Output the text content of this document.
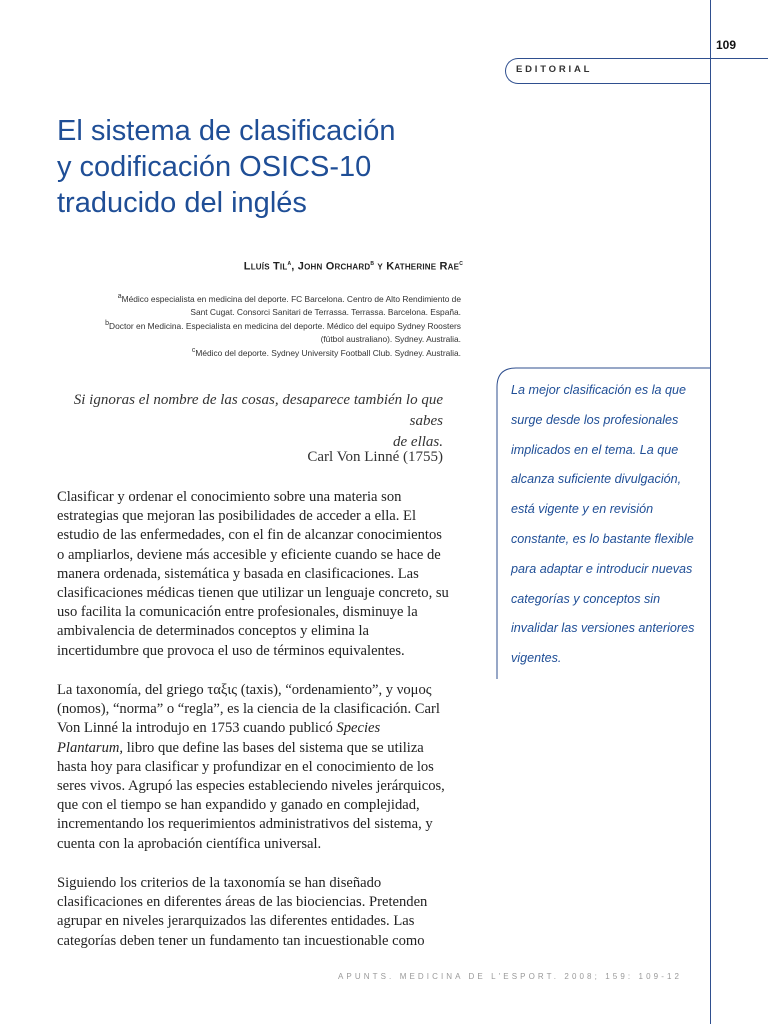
109
EDITORIAL
El sistema de clasificación
y codificación OSICS-10
traducido del inglés
Lluís Til$^a$, John Orchard$^b$ y Katherine Rae$^c$
$^a$Médico especialista en medicina del deporte. FC Barcelona. Centro de Alto Rendimiento de
Sant Cugat. Consorci Sanitari de Terrassa. Terrassa. Barcelona. España.
$^b$Doctor en Medicina. Especialista en medicina del deporte. Médico del equipo Sydney Roosters
(fútbol australiano). Sydney. Australia.
$^c$Médico del deporte. Sydney University Football Club. Sydney. Australia.
Si ignoras el nombre de las cosas, desaparece también lo que sabes
de ellas.
Carl Von Linné (1755)
Clasificar y ordenar el conocimiento sobre una materia son
estrategias que mejoran las posibilidades de acceder a ella. El
estudio de las enfermedades, con el fin de alcanzar conocimientos
o ampliarlos, deviene más accesible y eficiente cuando se hace de
manera ordenada, sistemática y basada en clasificaciones. Las
clasificaciones médicas tienen que utilizar un lenguaje concreto, su
uso facilita la comunicación entre profesionales, disminuye la
ambivalencia de determinados conceptos y elimina la
incertidumbre que provoca el uso de términos equivalentes.
La taxonomía, del griego ταξις (taxis), “ordenamiento”, y νομος
(nomos), “norma” o “regla”, es la ciencia de la clasificación. Carl
Von Linné la introdujo en 1753 cuando publicó Species
Plantarum, libro que define las bases del sistema que se utiliza
hasta hoy para clasificar y profundizar en el conocimiento de los
seres vivos. Agrupó las especies estableciendo niveles jerárquicos,
que con el tiempo se han expandido y ganado en complejidad,
incrementando los requerimientos administrativos del sistema, y
cuenta con la aprobación científica universal.
Siguiendo los criterios de la taxonomía se han diseñado
clasificaciones en diferentes áreas de las biociencias. Pretenden
agrupar en niveles jerarquizados las diferentes entidades. Las
categorías deben tener un fundamento tan incuestionable como
La mejor clasificación es la que
surge desde los profesionales
implicados en el tema. La que
alcanza suficiente divulgación,
está vigente y en revisión
constante, es lo bastante flexible
para adaptar e introducir nuevas
categorías y conceptos sin
invalidar las versiones anteriores
vigentes.
APUNTS. MEDICINA DE L'ESPORT. 2008; 159: 109-12
